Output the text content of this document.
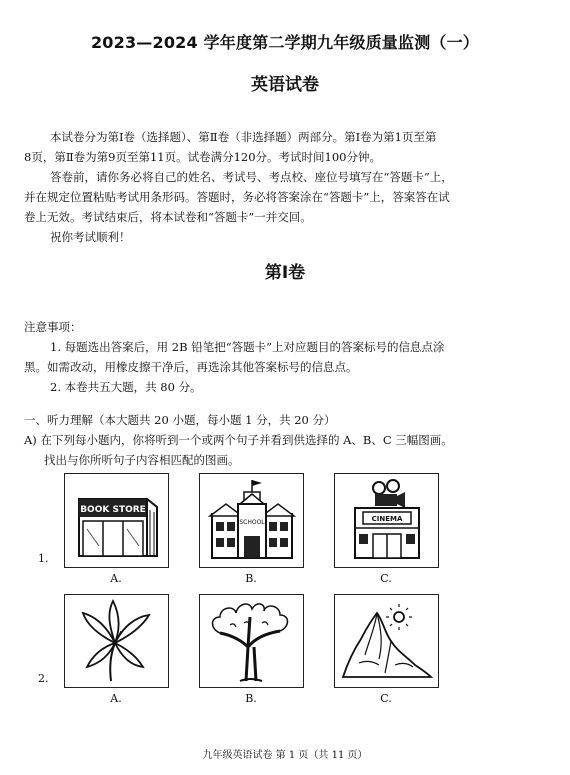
2023—2024 学年度第二学期九年级质量监测（一）
英语试卷
本试卷分为第Ⅰ卷（选择题）、第Ⅱ卷（非选择题）两部分。第Ⅰ卷为第1页至第
8页，第Ⅱ卷为第9页至第11页。试卷满分120分。考试时间100分钟。
答卷前，请你务必将自己的姓名、考试号、考点校、座位号填写在“答题卡”上，
并在规定位置粘贴考试用条形码。答题时，务必将答案涂在“答题卡”上，答案答在试
卷上无效。考试结束后，将本试卷和“答题卡”一并交回。
祝你考试顺利！
第Ⅰ卷
注意事项：
1. 每题选出答案后，用 2B 铅笔把“答题卡”上对应题目的答案标号的信息点涂
黑。如需改动，用橡皮擦干净后，再选涂其他答案标号的信息点。
2. 本卷共五大题，共 80 分。
一、听力理解（本大题共 20 小题，每小题 1 分，共 20 分）
A) 在下列每小题内，你将听到一个或两个句子并看到供选择的 A、B、C 三幅图画。
找出与你所听句子内容相匹配的图画。
1.
BOOK STORE
A.
SCHOOL
B.
CINEMA
C.
2.
A.	B.	C.
九年级英语试卷 第 1 页（共 11 页）
